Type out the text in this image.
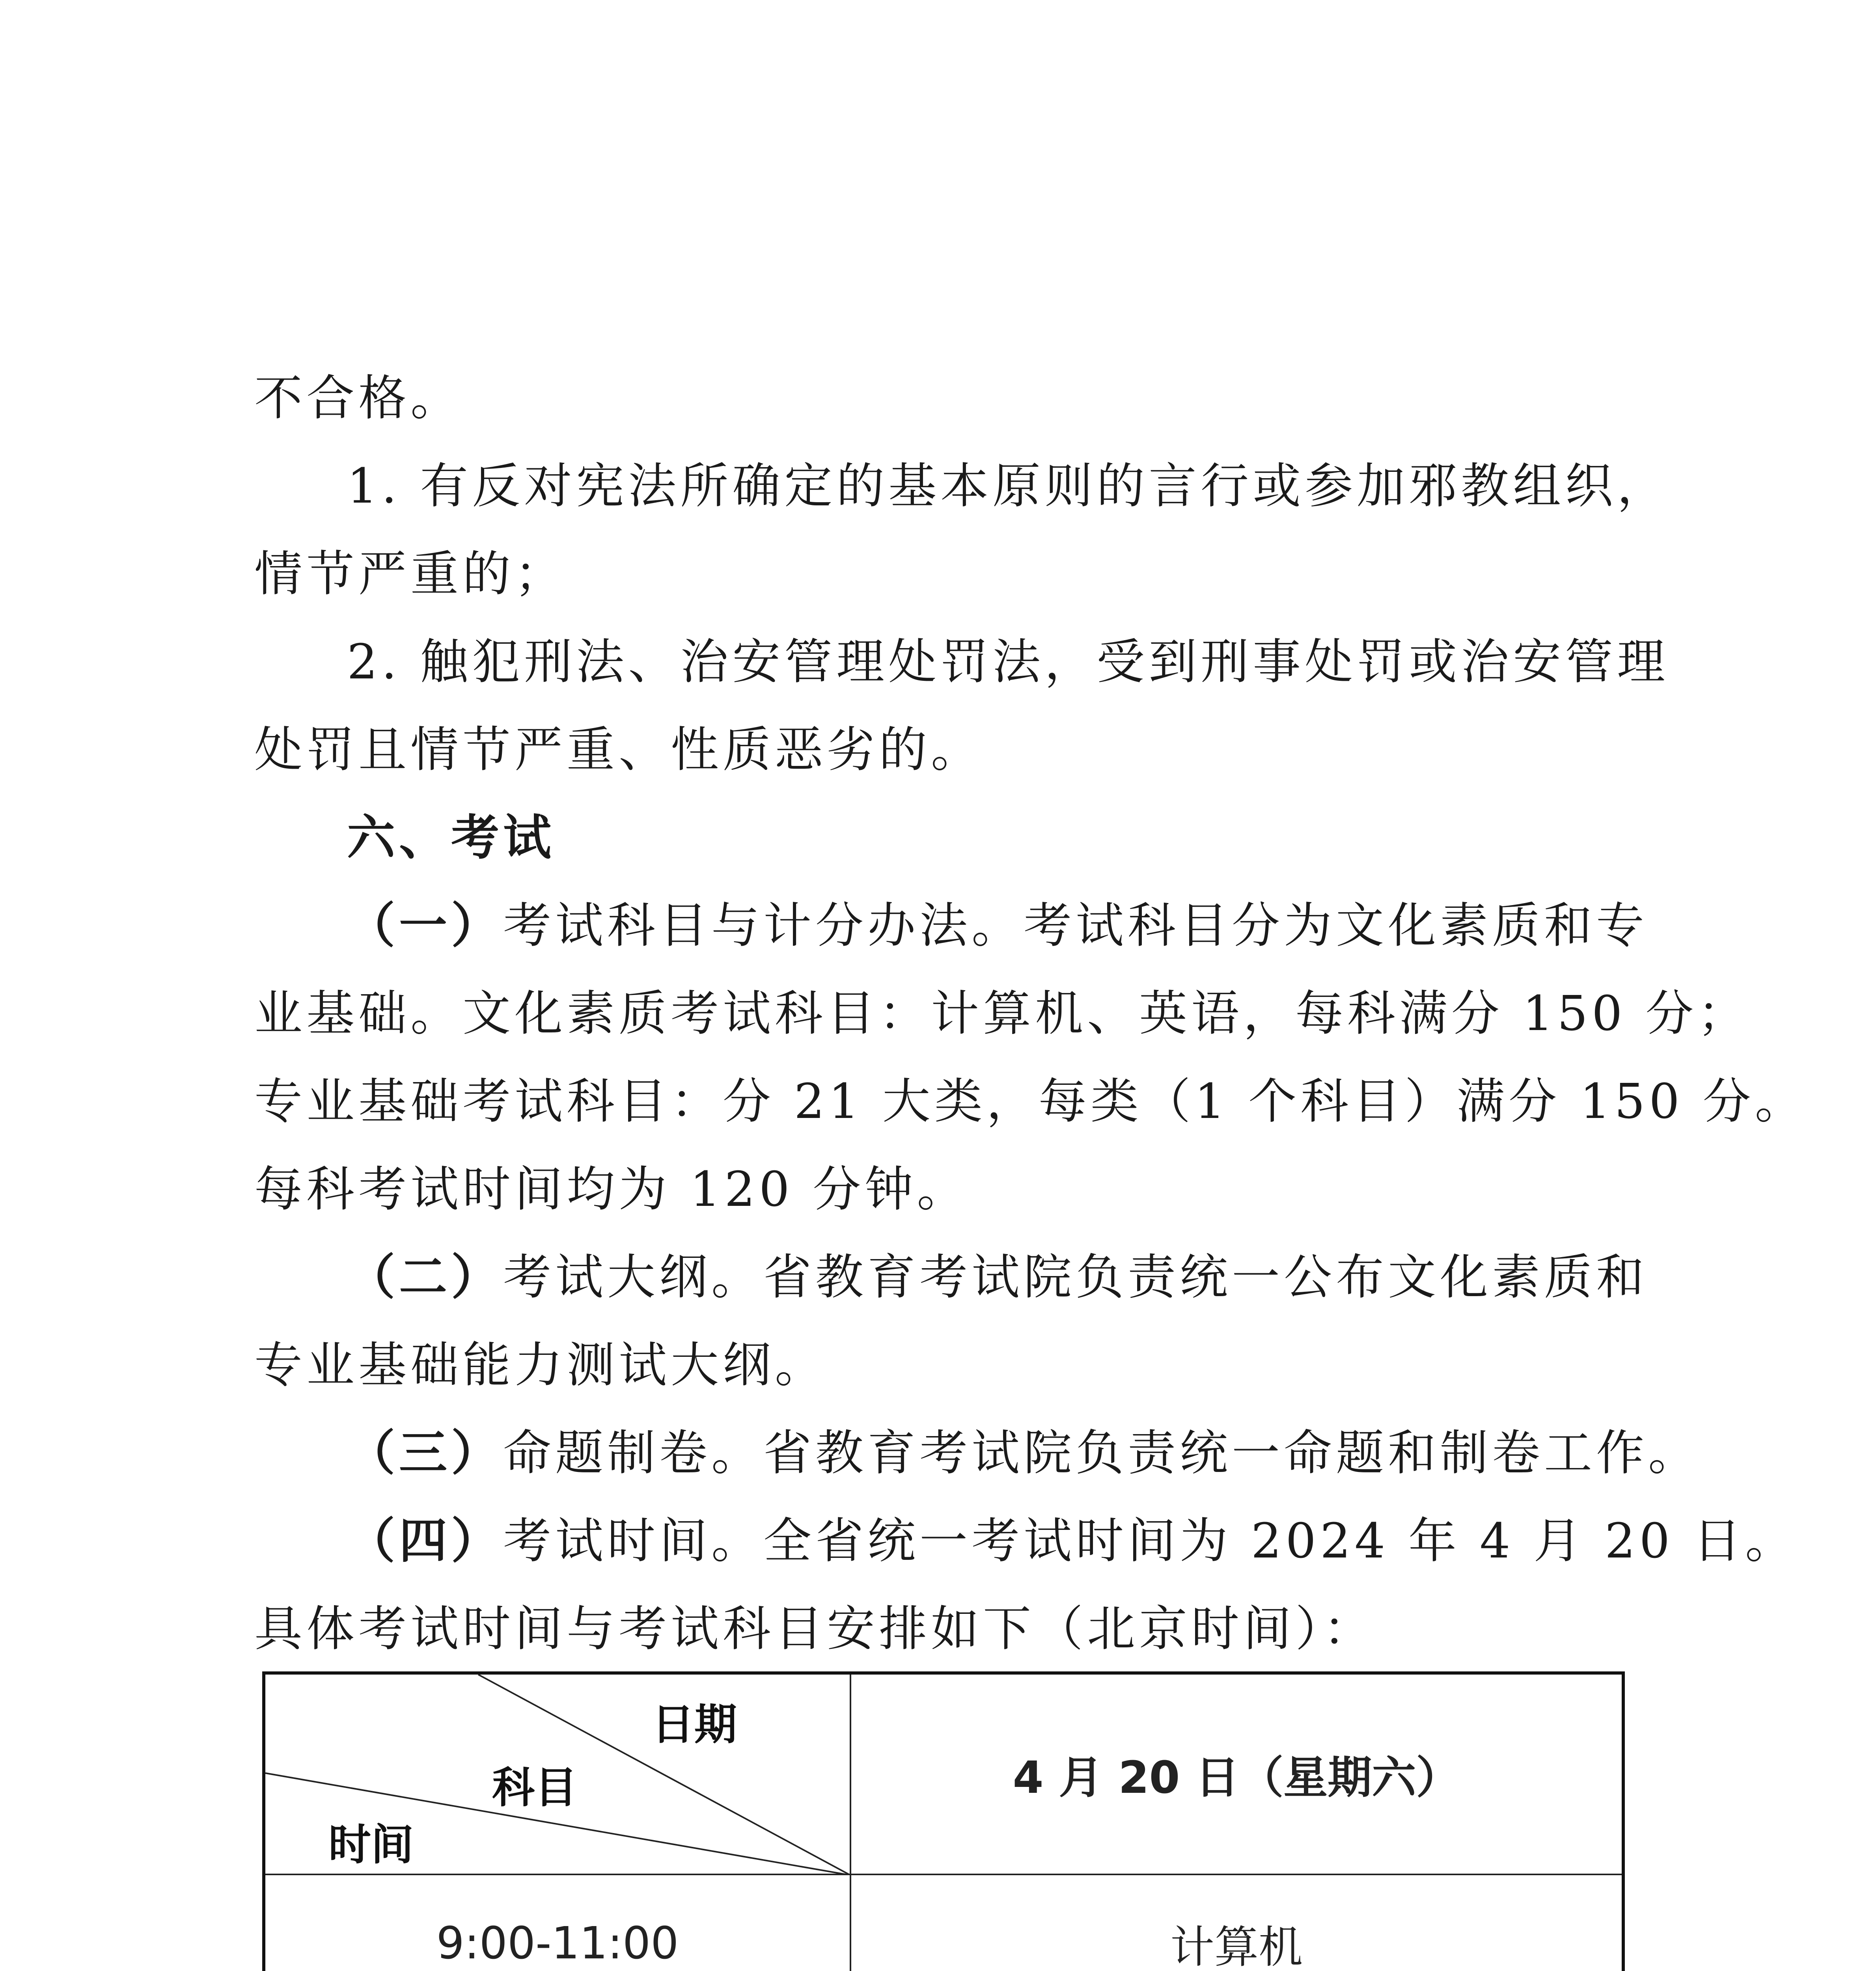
不合格。
1. 有反对宪法所确定的基本原则的言行或参加邪教组织，
情节严重的；
2. 触犯刑法、治安管理处罚法，受到刑事处罚或治安管理
处罚且情节严重、性质恶劣的。
六、考试
（一）考试科目与计分办法。考试科目分为文化素质和专
业基础。文化素质考试科目：计算机、英语，每科满分 150 分；
专业基础考试科目：分 21 大类，每类（1 个科目）满分 150 分。
每科考试时间均为 120 分钟。
（二）考试大纲。省教育考试院负责统一公布文化素质和
专业基础能力测试大纲。
（三）命题制卷。省教育考试院负责统一命题和制卷工作。
（四）考试时间。全省统一考试时间为 2024 年 4 月 20 日。
具体考试时间与考试科目安排如下（北京时间）：
日期
科目
时间
4 月 20 日（星期六）
9:00-11:00	计算机
